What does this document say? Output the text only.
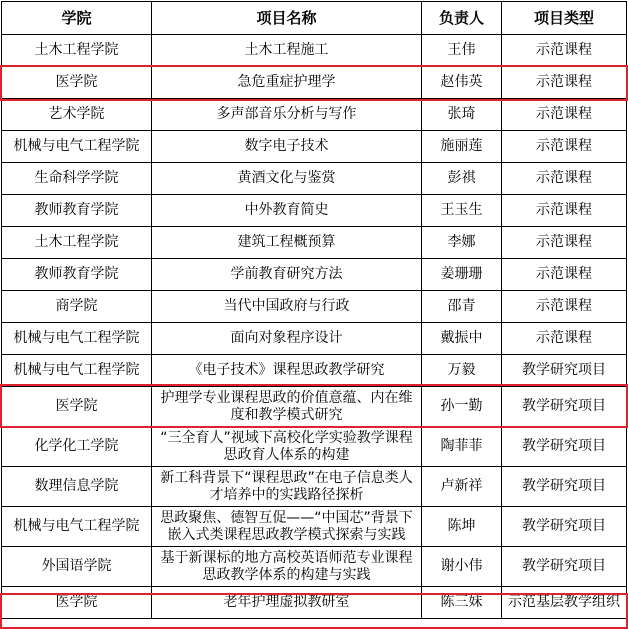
学院	项目名称	负责人	项目类型
土木工程学院	土木工程施工	王伟	示范课程
医学院	急危重症护理学	赵伟英	示范课程
艺术学院	多声部音乐分析与写作	张琦	示范课程
机械与电气工程学院	数字电子技术	施丽莲	示范课程
生命科学学院	黄酒文化与鉴赏	彭祺	示范课程
教师教育学院	中外教育简史	王玉生	示范课程
土木工程学院	建筑工程概预算	李娜	示范课程
教师教育学院	学前教育研究方法	姜珊珊	示范课程
商学院	当代中国政府与行政	邵青	示范课程
机械与电气工程学院	面向对象程序设计	戴振中	示范课程
机械与电气工程学院	《电子技术》课程思政教学研究	万毅	教学研究项目
医学院	护理学专业课程思政的价值意蕴、内在维度和教学模式研究	孙一勤	教学研究项目
化学化工学院	“三全育人”视域下高校化学实验教学课程思政育人体系的构建	陶菲菲	教学研究项目
数理信息学院	新工科背景下“课程思政”在电子信息类人才培养中的实践路径探析	卢新祥	教学研究项目
机械与电气工程学院	思政聚焦、德智互促——“中国芯”背景下嵌入式类课程思政教学模式探索与实践	陈坤	教学研究项目
外国语学院	基于新课标的地方高校英语师范专业课程思政教学体系的构建与实践	谢小伟	教学研究项目
医学院	老年护理虚拟教研室	陈三妹	示范基层教学组织
